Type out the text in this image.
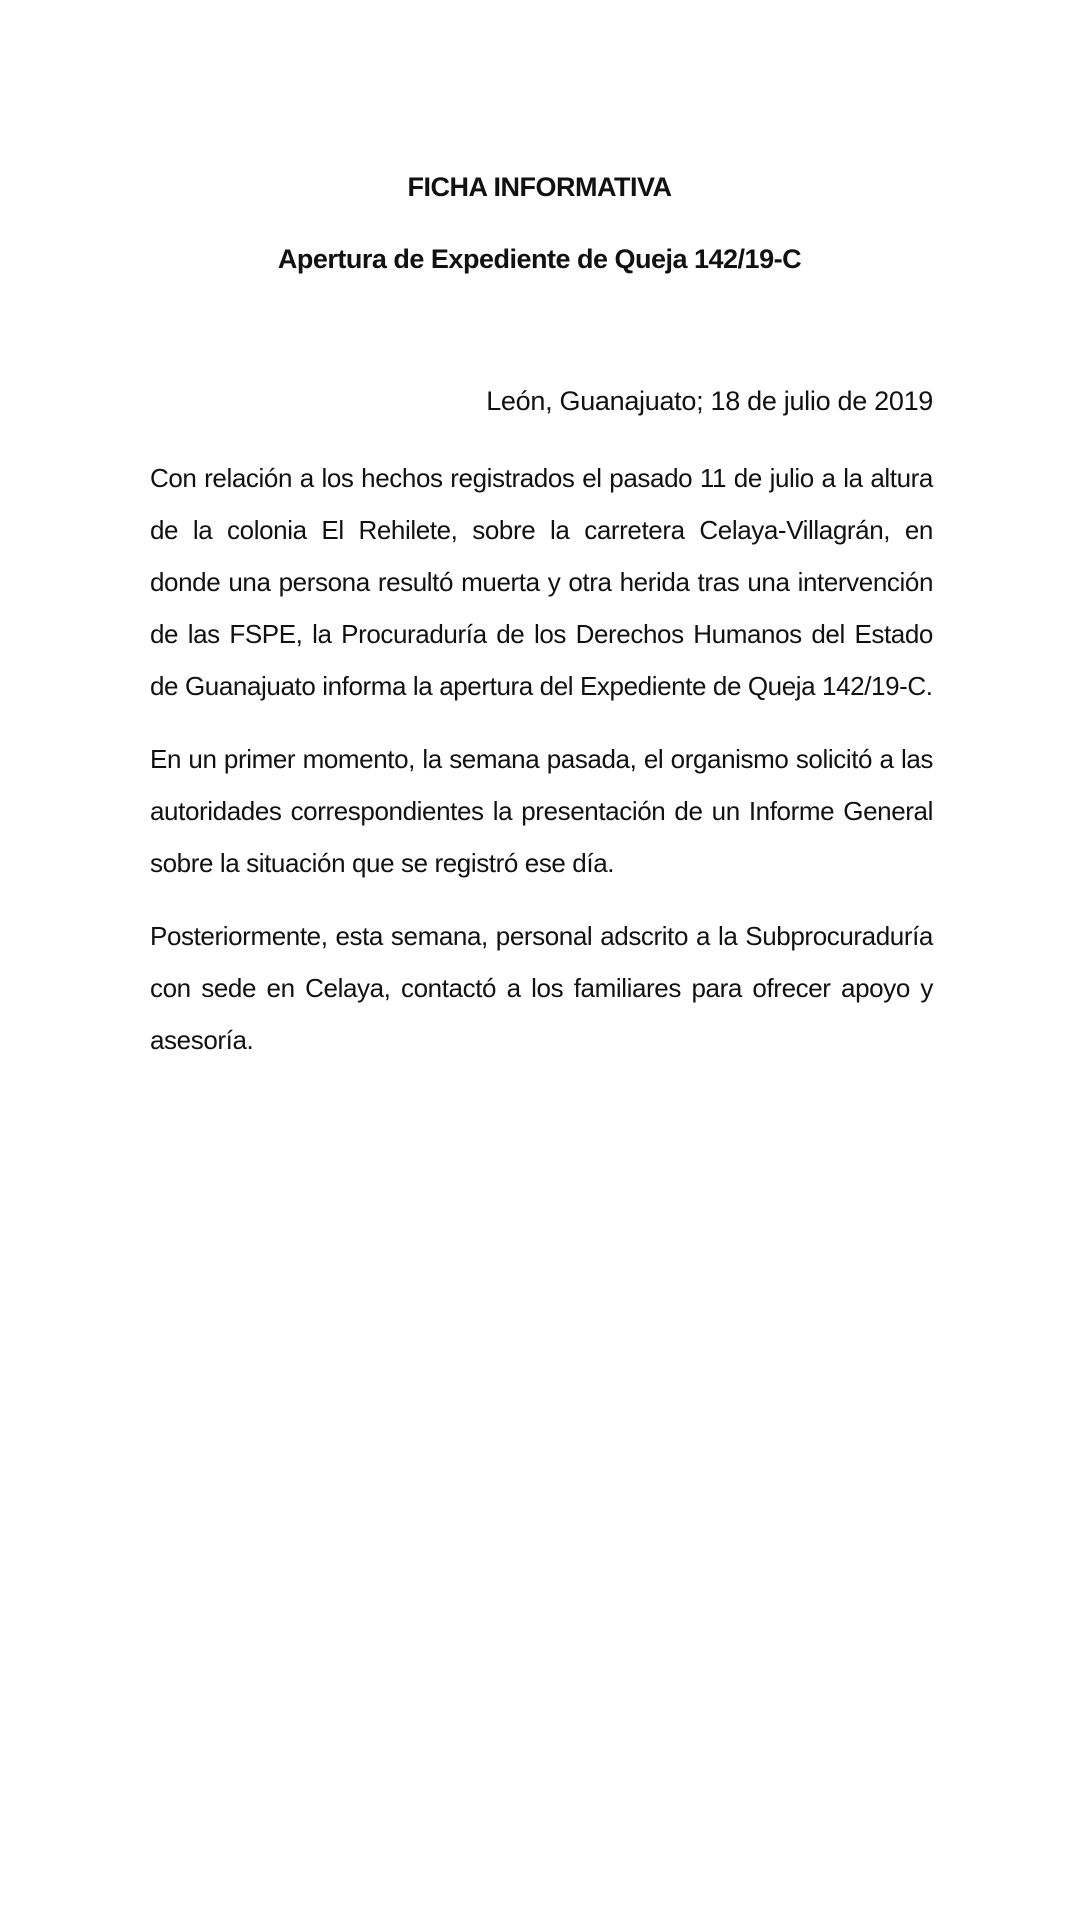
FICHA INFORMATIVA
Apertura de Expediente de Queja 142/19-C

León, Guanajuato; 18 de julio de 2019

Con relación a los hechos registrados el pasado 11 de julio a la altura de la colonia El Rehilete, sobre la carretera Celaya-Villagrán, en donde una persona resultó muerta y otra herida tras una intervención de las FSPE, la Procuraduría de los Derechos Humanos del Estado de Guanajuato informa la apertura del Expediente de Queja 142/19-C.

En un primer momento, la semana pasada, el organismo solicitó a las autoridades correspondientes la presentación de un Informe General sobre la situación que se registró ese día.

Posteriormente, esta semana, personal adscrito a la Subprocuraduría con sede en Celaya, contactó a los familiares para ofrecer apoyo y asesoría.
